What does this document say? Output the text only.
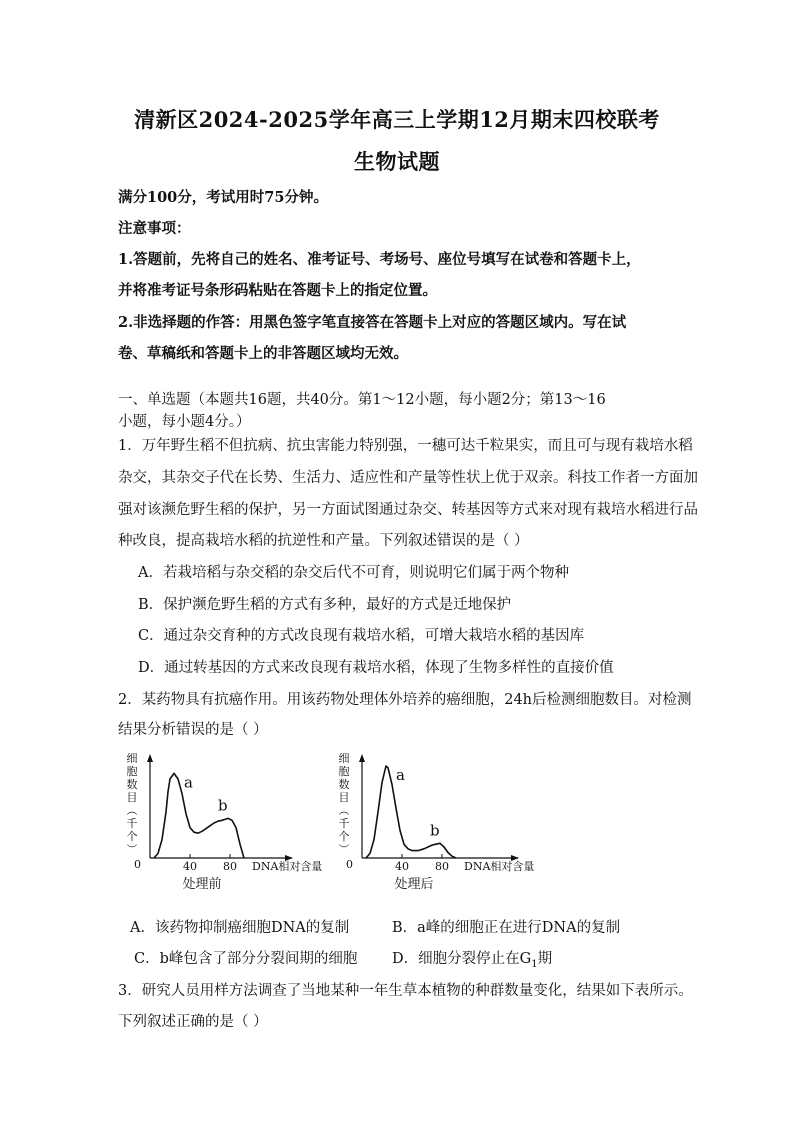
清新区2024-2025学年高三上学期12月期末四校联考
生物试题
满分100分，考试用时75分钟。
注意事项：
1.答题前，先将自己的姓名、准考证号、考场号、座位号填写在试卷和答题卡上，
并将准考证号条形码粘贴在答题卡上的指定位置。
2.非选择题的作答：用黑色签字笔直接答在答题卡上对应的答题区域内。写在试
卷、草稿纸和答题卡上的非答题区域均无效。
一、单选题（本题共16题，共40分。第1～12小题，每小题2分；第13～16
小题，每小题4分。）
1．万年野生稻不但抗病、抗虫害能力特别强，一穗可达千粒果实，而且可与现有栽培水稻
杂交，其杂交子代在长势、生活力、适应性和产量等性状上优于双亲。科技工作者一方面加
强对该濒危野生稻的保护，另一方面试图通过杂交、转基因等方式来对现有栽培水稻进行品
种改良，提高栽培水稻的抗逆性和产量。下列叙述错误的是（ ）
A．若栽培稻与杂交稻的杂交后代不可育，则说明它们属于两个物种
B．保护濒危野生稻的方式有多种，最好的方式是迁地保护
C．通过杂交育种的方式改良现有栽培水稻，可增大栽培水稻的基因库
D．通过转基因的方式来改良现有栽培水稻，体现了生物多样性的直接价值
2．某药物具有抗癌作用。用该药物处理体外培养的癌细胞，24h后检测细胞数目。对检测
结果分析错误的是（ ）
细胞数目︵千个︶
0	40 80 DNA相对含量
a
b
处理前
细胞数目︵千个︶
0	40 80 DNA相对含量
a
b
处理后
A．该药物抑制癌细胞DNA的复制	B．a峰的细胞正在进行DNA的复制
C．b峰包含了部分分裂间期的细胞 D．细胞分裂停止在$G_1$期
3．研究人员用样方法调查了当地某种一年生草本植物的种群数量变化，结果如下表所示。
下列叙述正确的是（ ）
